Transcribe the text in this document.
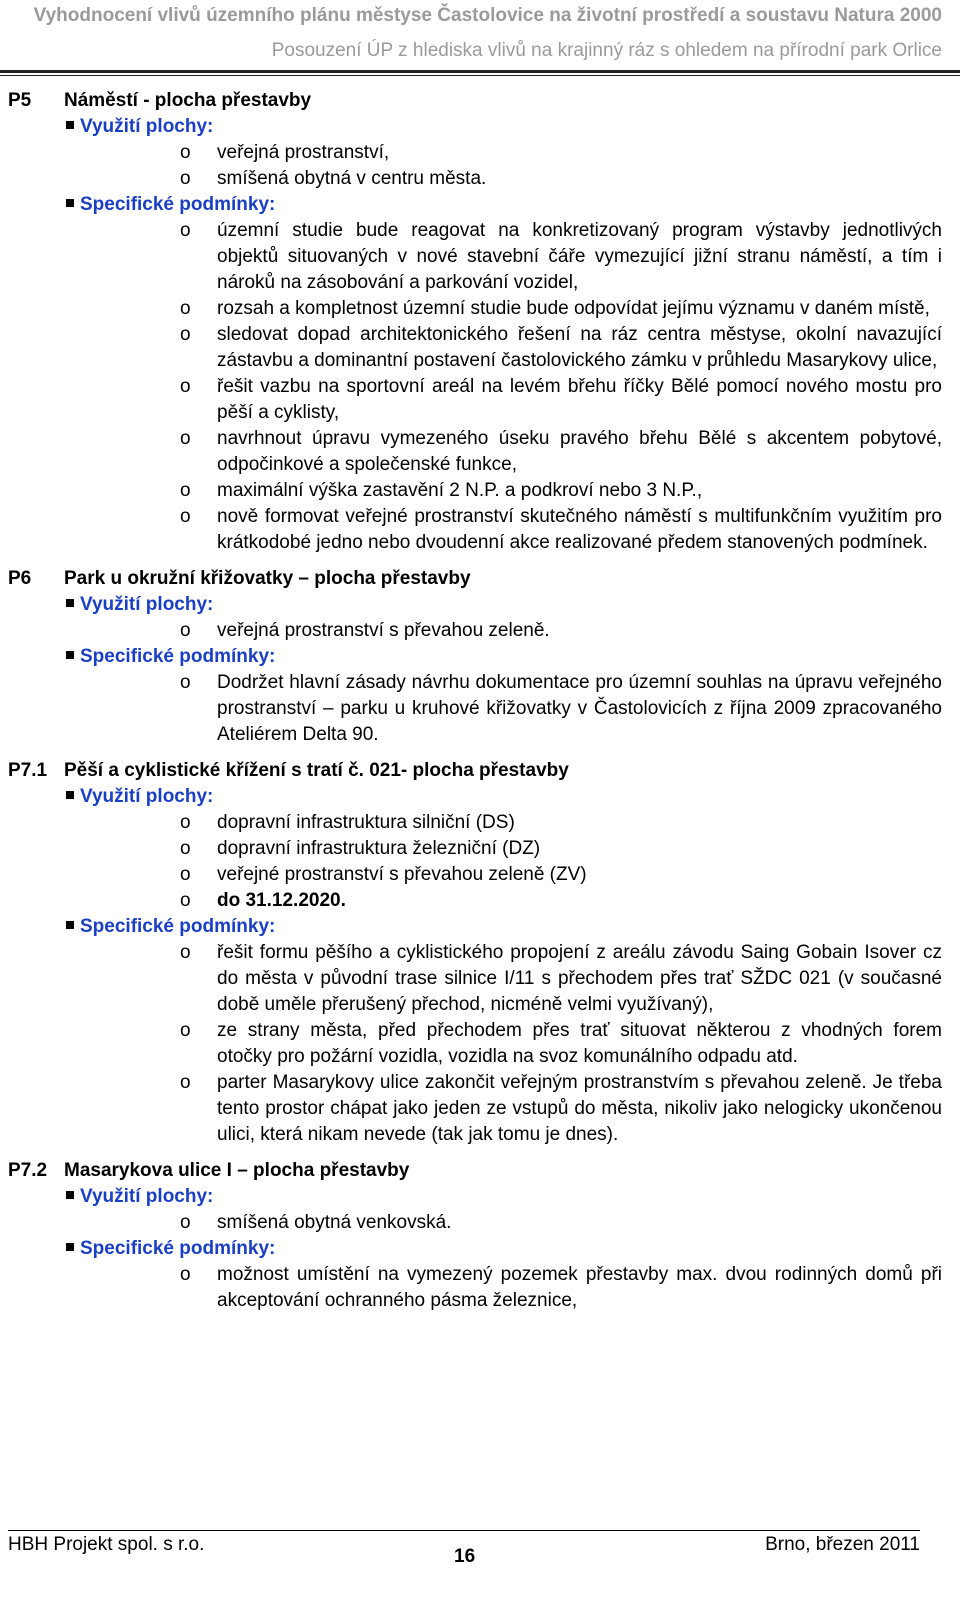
Vyhodnocení vlivů územního plánu městyse Častolovice na životní prostředí a soustavu Natura 2000
Posouzení ÚP z hlediska vlivů na krajinný ráz s ohledem na přírodní park Orlice
P5 Náměstí - plocha přestavby
Využití plochy:
o veřejná prostranství,
o smíšená obytná v centru města.
Specifické podmínky:
o územní studie bude reagovat na konkretizovaný program výstavby jednotlivých objektů situovaných v nové stavební čáře vymezující jižní stranu náměstí, a tím i nároků na zásobování a parkování vozidel,
o rozsah a kompletnost územní studie bude odpovídat jejímu významu v daném místě,
o sledovat dopad architektonického řešení na ráz centra městyse, okolní navazující zástavbu a dominantní postavení častolovického zámku v průhledu Masarykovy ulice,
o řešit vazbu na sportovní areál na levém břehu říčky Bělé pomocí nového mostu pro pěší a cyklisty,
o navrhnout úpravu vymezeného úseku pravého břehu Bělé s akcentem pobytové, odpočinkové a společenské funkce,
o maximální výška zastavění 2 N.P. a podkroví nebo 3 N.P.,
o nově formovat veřejné prostranství skutečného náměstí s multifunkčním využitím pro krátkodobé jedno nebo dvoudenní akce realizované předem stanovených podmínek.
P6 Park u okružní křižovatky – plocha přestavby
Využití plochy:
o veřejná prostranství s převahou zeleně.
Specifické podmínky:
o Dodržet hlavní zásady návrhu dokumentace pro územní souhlas na úpravu veřejného prostranství – parku u kruhové křižovatky v Častolovicích z října 2009 zpracovaného Ateliérem Delta 90.
P7.1 Pěší a cyklistické křížení s tratí č. 021- plocha přestavby
Využití plochy:
o dopravní infrastruktura silniční (DS)
o dopravní infrastruktura železniční (DZ)
o veřejné prostranství s převahou zeleně (ZV)
o do 31.12.2020.
Specifické podmínky:
o řešit formu pěšího a cyklistického propojení z areálu závodu Saing Gobain Isover cz do města v původní trase silnice I/11 s přechodem přes trať SŽDC 021 (v současné době uměle přerušený přechod, nicméně velmi využívaný),
o ze strany města, před přechodem přes trať situovat některou z vhodných forem otočky pro požární vozidla, vozidla na svoz komunálního odpadu atd.
o parter Masarykovy ulice zakončit veřejným prostranstvím s převahou zeleně. Je třeba tento prostor chápat jako jeden ze vstupů do města, nikoliv jako nelogicky ukončenou ulici, která nikam nevede (tak jak tomu je dnes).
P7.2 Masarykova ulice I – plocha přestavby
Využití plochy:
o smíšená obytná venkovská.
Specifické podmínky:
o možnost umístění na vymezený pozemek přestavby max. dvou rodinných domů při akceptování ochranného pásma železnice,
HBH Projekt spol. s r.o.
16
Brno, březen 2011
